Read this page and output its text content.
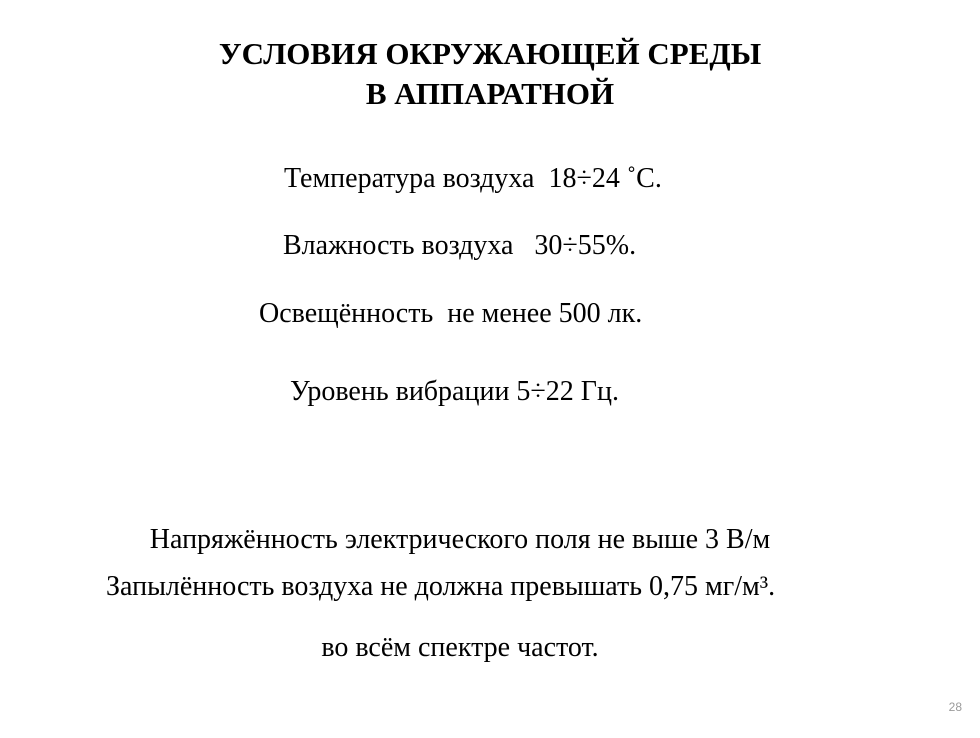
УСЛОВИЯ ОКРУЖАЮЩЕЙ СРЕДЫ
В АППАРАТНОЙ
Температура воздуха  18÷24 ˚С.
Влажность воздуха   30÷55%.
Освещённость  не менее 500 лк.
Уровень вибрации 5÷22 Гц.

Напряжённость электрического поля не выше 3 В/м

во всём спектре частот.

Запылённость воздуха не должна превышать 0,75 мг/м³.
28
